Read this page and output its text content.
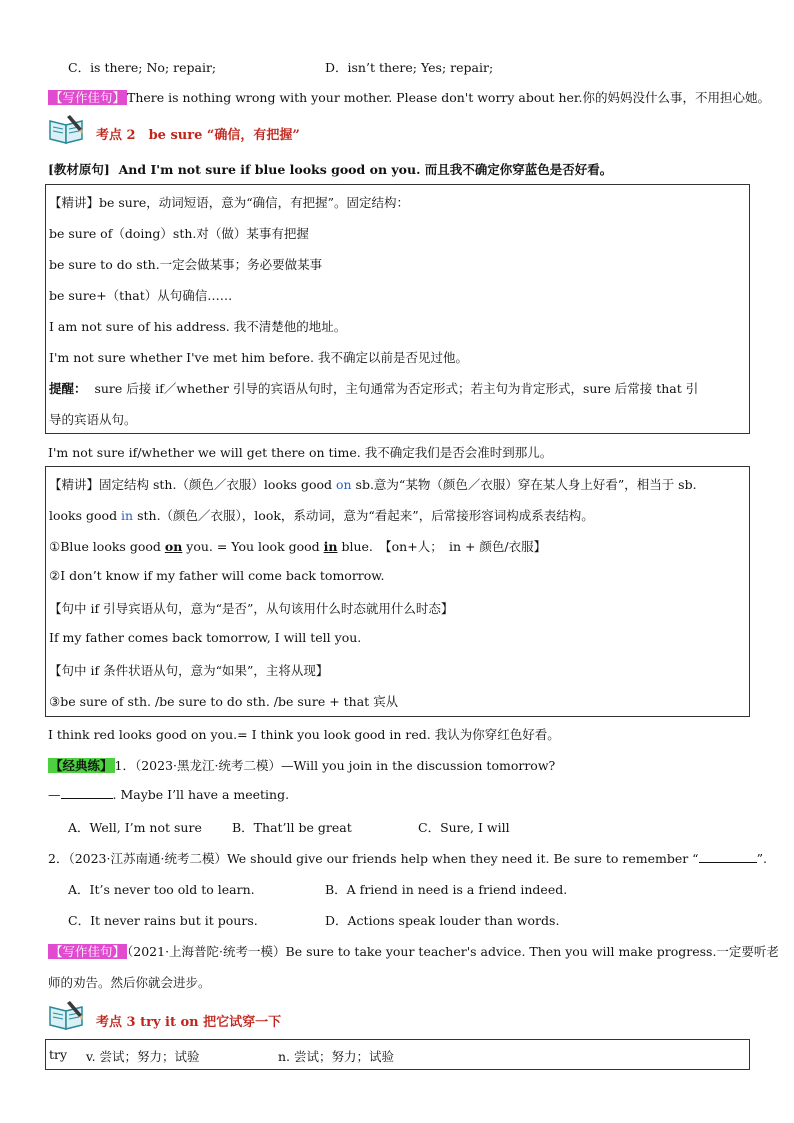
C．is there; No; repair;	D．isn’t there; Yes; repair;
【写作佳句】 There is nothing wrong with your mother. Please don't worry about her.你的妈妈没什么事，不用担心她。
考点 2　be sure “确信，有把握”
[教材原句] And I'm not sure if blue looks good on you. 而且我不确定你穿蓝色是否好看。
【精讲】be sure，动词短语，意为“确信，有把握”。固定结构：
be sure of（doing）sth.对（做）某事有把握
be sure to do sth.一定会做某事；务必要做某事
be sure+（that）从句确信……
I am not sure of his address. 我不清楚他的地址。
I'm not sure whether I've met him before. 我不确定以前是否见过他。
提醒： sure 后接 if／whether 引导的宾语从句时，主句通常为否定形式；若主句为肯定形式，sure 后常接 that 引
导的宾语从句。
I'm not sure if/whether we will get there on time. 我不确定我们是否会准时到那儿。
【精讲】固定结构 sth.（颜色／衣服）looks good on sb.意为“某物（颜色／衣服）穿在某人身上好看”，相当于 sb.
looks good in sth.（颜色／衣服），look，系动词，意为“看起来”，后常接形容词构成系表结构。
①Blue looks good on you. = You look good in blue.　【on+人；　in + 颜色/衣服】
②I don’t know if my father will come back tomorrow.
【句中 if 引导宾语从句，意为“是否”，从句该用什么时态就用什么时态】
If my father comes back tomorrow, I will tell you.
【句中 if 条件状语从句，意为“如果”，主将从现】
③be sure of sth. /be sure to do sth. /be sure + that 宾从
I think red looks good on you.= I think you look good in red. 我认为你穿红色好看。
【经典练】 1．（2023·黑龙江·统考二模）—Will you join in the discussion tomorrow?
—	. Maybe I’ll have a meeting.
A．Well, I’m not sure B．That’ll be great	C．Sure, I will
2．（2023·江苏南通·统考二模）We should give our friends help when they need it. Be sure to remember “	”.
A．It’s never too old to learn.	B．A friend in need is a friend indeed.
C．It never rains but it pours.	D．Actions speak louder than words.
【写作佳句】 （2021·上海普陀·统考一模）Be sure to take your teacher's advice. Then you will make progress.一定要听老
师的劝告。然后你就会进步。
考点 3 try it on 把它试穿一下
try v. 尝试；努力；试验	n. 尝试；努力；试验
